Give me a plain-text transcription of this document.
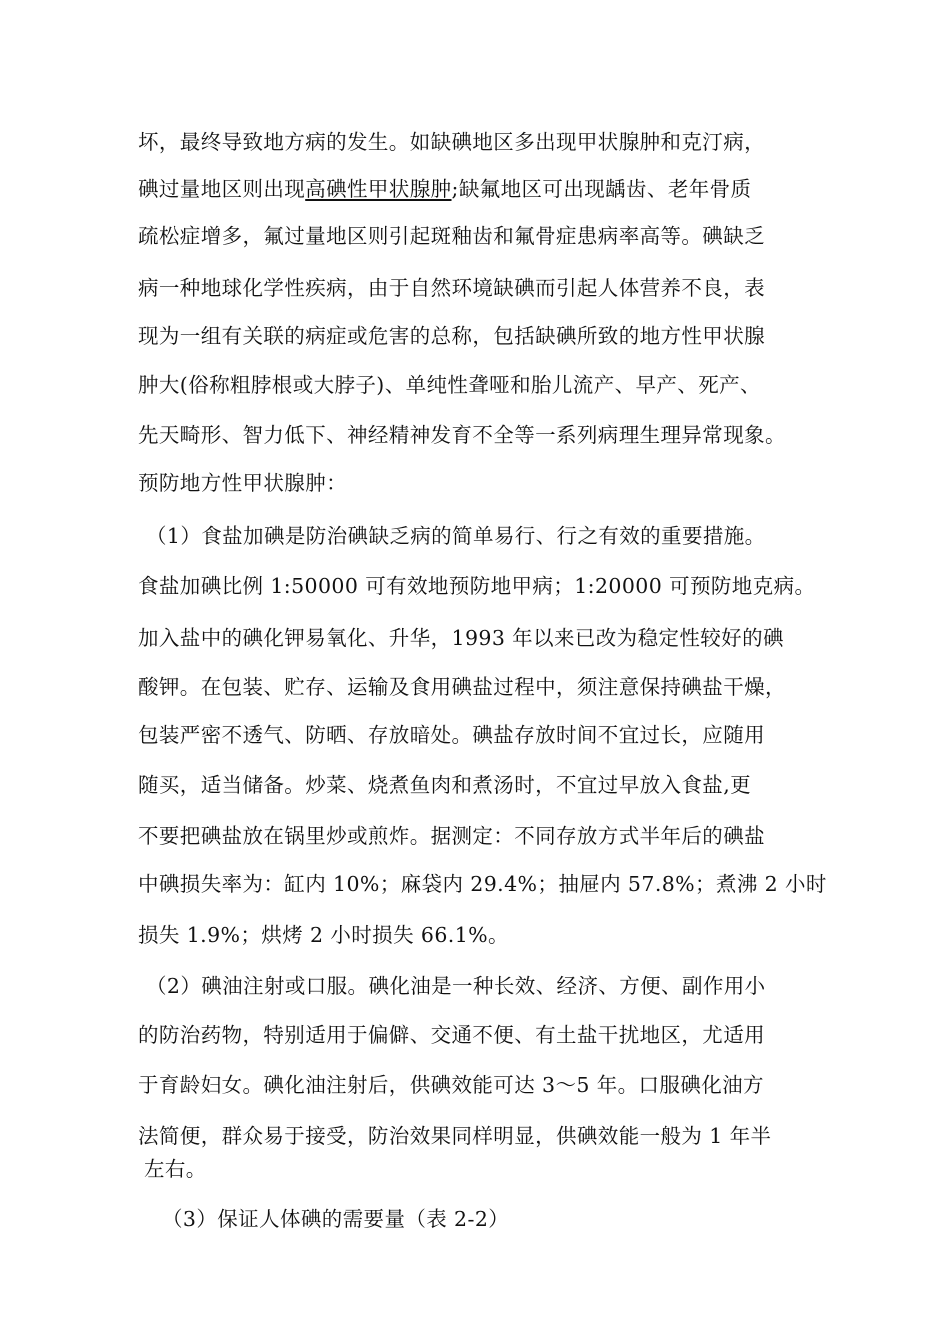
坏，最终导致地方病的发生。如缺碘地区多出现甲状腺肿和克汀病，
碘过量地区则出现高碘性甲状腺肿;缺氟地区可出现龋齿、老年骨质
疏松症增多，氟过量地区则引起斑釉齿和氟骨症患病率高等。碘缺乏
病一种地球化学性疾病，由于自然环境缺碘而引起人体营养不良，表
现为一组有关联的病症或危害的总称，包括缺碘所致的地方性甲状腺
肿大(俗称粗脖根或大脖子)、单纯性聋哑和胎儿流产、早产、死产、
先天畸形、智力低下、神经精神发育不全等一系列病理生理异常现象。
预防地方性甲状腺肿：
（1）食盐加碘是防治碘缺乏病的简单易行、行之有效的重要措施。
食盐加碘比例 1:50000 可有效地预防地甲病；1:20000 可预防地克病。
加入盐中的碘化钾易氧化、升华，1993 年以来已改为稳定性较好的碘
酸钾。在包装、贮存、运输及食用碘盐过程中，须注意保持碘盐干燥，
包装严密不透气、防晒、存放暗处。碘盐存放时间不宜过长，应随用
随买，适当储备。炒菜、烧煮鱼肉和煮汤时，不宜过早放入食盐,更
不要把碘盐放在锅里炒或煎炸。据测定：不同存放方式半年后的碘盐
中碘损失率为：缸内 10%；麻袋内 29.4%；抽屉内 57.8%；煮沸 2 小时
损失 1.9%；烘烤 2 小时损失 66.1%。
（2）碘油注射或口服。碘化油是一种长效、经济、方便、副作用小
的防治药物，特别适用于偏僻、交通不便、有土盐干扰地区，尤适用
于育龄妇女。碘化油注射后，供碘效能可达 3～5 年。口服碘化油方
法简便，群众易于接受，防治效果同样明显，供碘效能一般为 1 年半
左右。
（3）保证人体碘的需要量（表 2-2）
